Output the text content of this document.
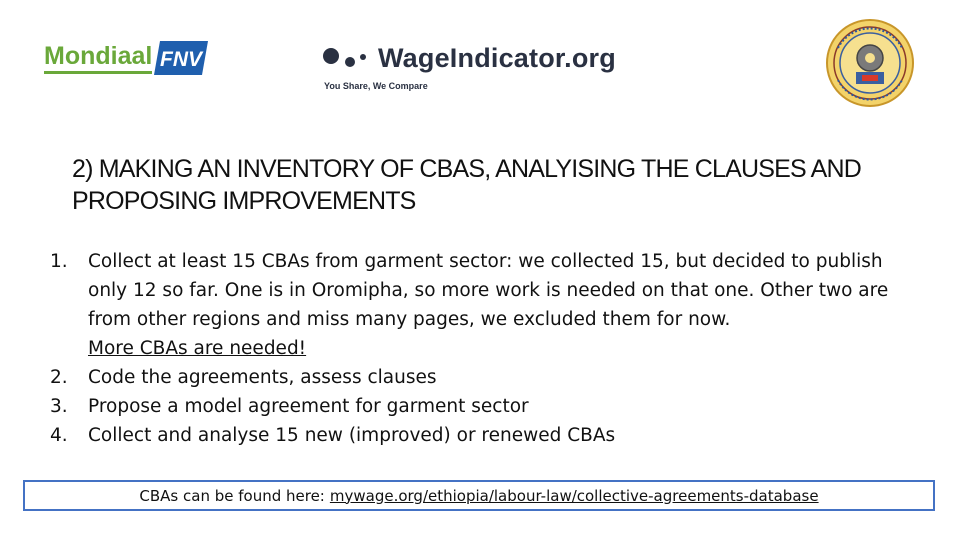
Mondiaal FNV	WageIndicator.org
You Share, We Compare
2) MAKING AN INVENTORY OF CBAS, ANALYISING THE CLAUSES AND PROPOSING IMPROVEMENTS
1. Collect at least 15 CBAs from garment sector: we collected 15, but decided to publish only 12 so far. One is in Oromipha, so more work is needed on that one. Other two are from other regions and miss many pages, we excluded them for now.
More CBAs are needed!
2. Code the agreements, assess clauses
3. Propose a model agreement for garment sector
4. Collect and analyse 15 new (improved) or renewed CBAs
CBAs can be found here: mywage.org/ethiopia/labour-law/collective-agreements-database
